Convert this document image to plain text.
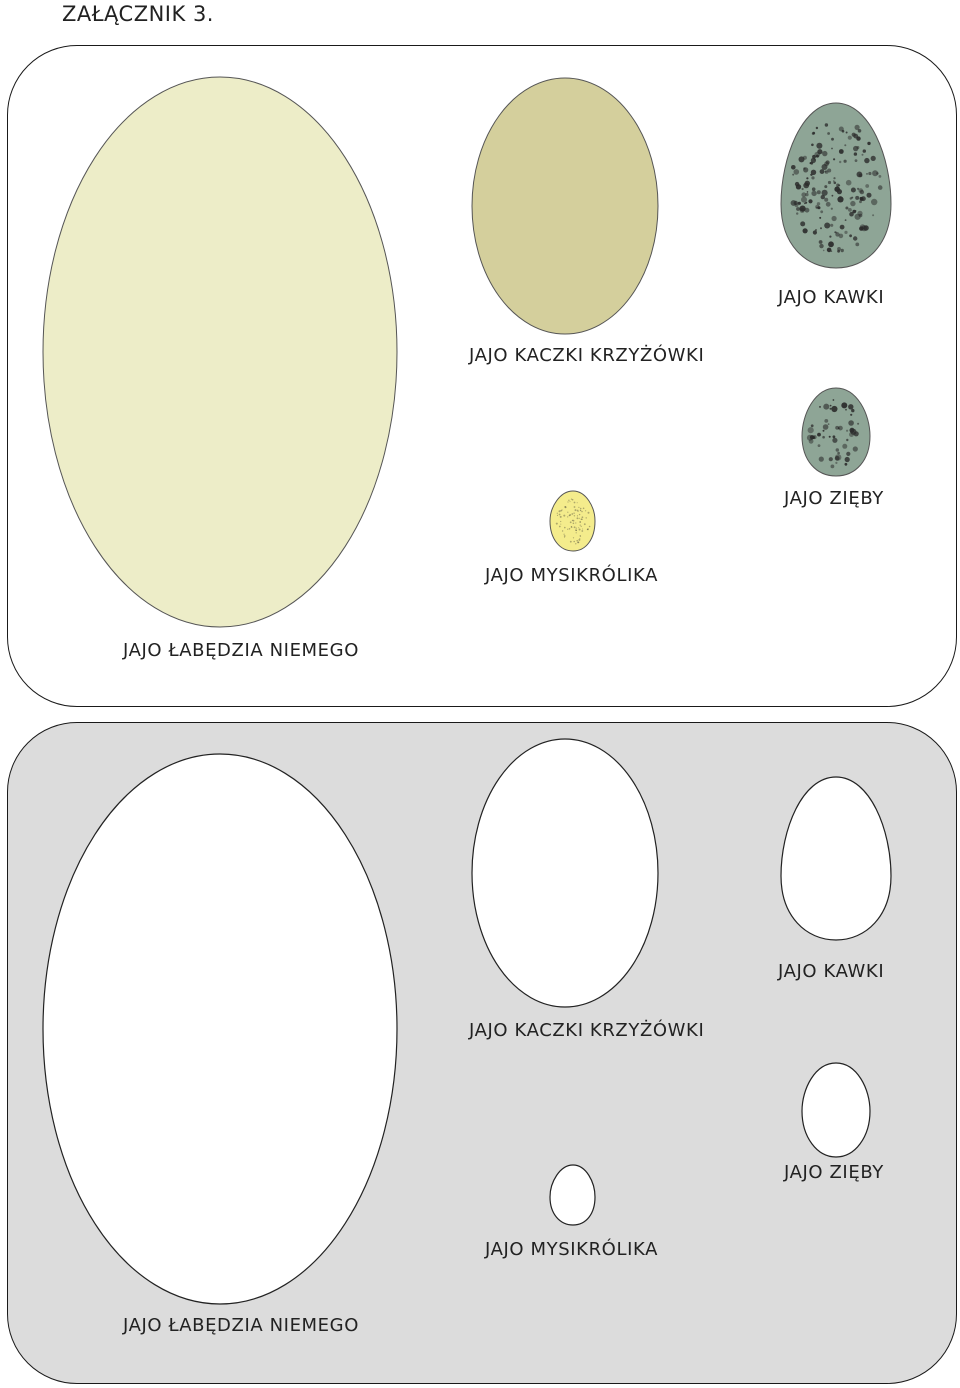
ZAŁĄCZNIK 3.
JAJO ŁABĘDZIA NIEMEGO
JAJO KACZKI KRZYŻÓWKI
JAJO KAWKI
JAJO ZIĘBY
JAJO MYSIKRÓLIKA
JAJO ŁABĘDZIA NIEMEGO
JAJO KACZKI KRZYŻÓWKI
JAJO KAWKI
JAJO ZIĘBY
JAJO MYSIKRÓLIKA
